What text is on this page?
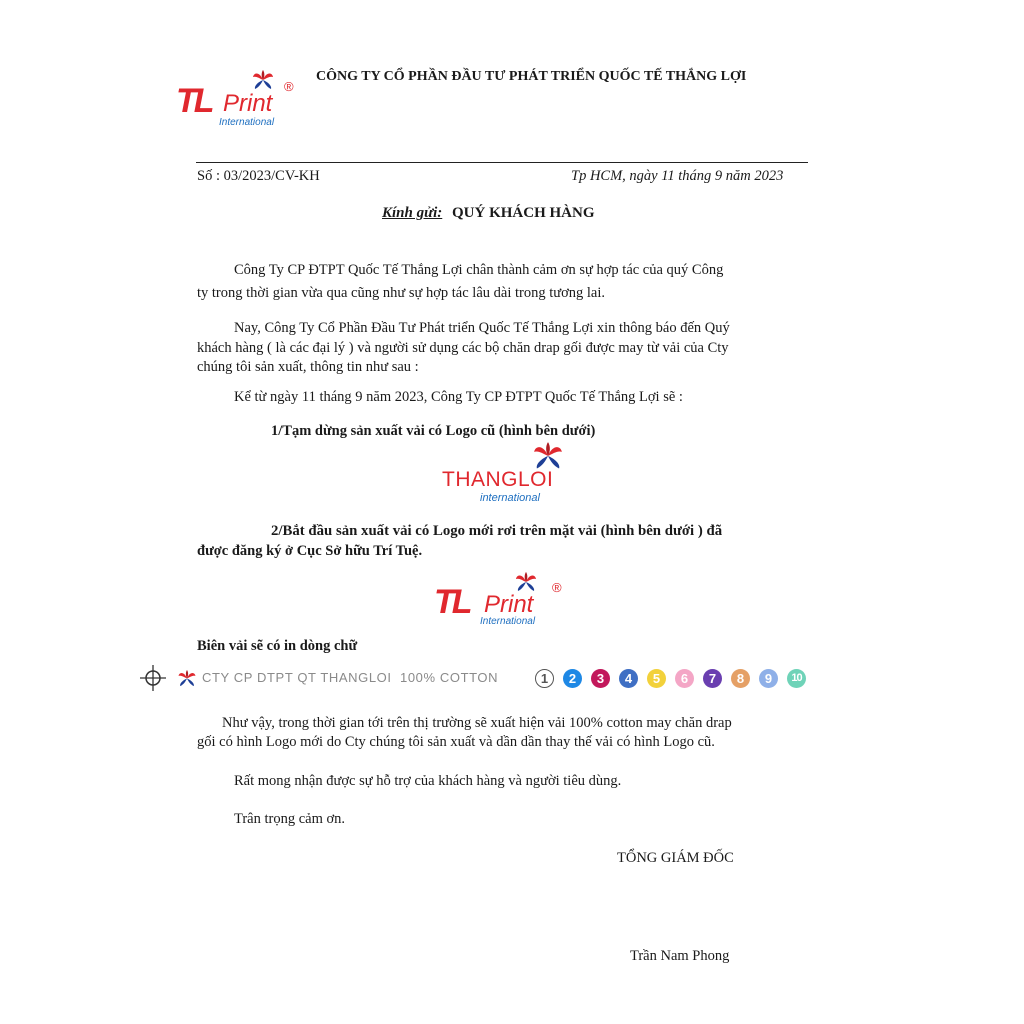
®
TL Print
International
CÔNG TY CỔ PHẦN ĐẦU TƯ PHÁT TRIỂN QUỐC TẾ THẮNG LỢI
Số : 03/2023/CV-KH	Tp HCM, ngày 11 tháng 9 năm 2023
Kính gửi: QUÝ KHÁCH HÀNG
Công Ty CP ĐTPT Quốc Tế Thắng Lợi chân thành cảm ơn sự hợp tác của quý Công
ty trong thời gian vừa qua cũng như sự hợp tác lâu dài trong tương lai.
Nay, Công Ty Cổ Phần Đầu Tư Phát triển Quốc Tế Thắng Lợi xin thông báo đến Quý
khách hàng ( là các đại lý ) và người sử dụng các bộ chăn drap gối được may từ vải của Cty
chúng tôi sản xuất, thông tin như sau :
Kể từ ngày 11 tháng 9 năm 2023, Công Ty CP ĐTPT Quốc Tế Thắng Lợi sẽ :
1/Tạm dừng sản xuất vải có Logo cũ (hình bên dưới)
THANGLOI
international
2/Bắt đầu sản xuất vải có Logo mới rơi trên mặt vải (hình bên dưới ) đã
được đăng ký ở Cục Sở hữu Trí Tuệ.
®
TL Print
International
Biên vải sẽ có in dòng chữ
CTY CP DTPT QT THANGLOI  100% COTTON	1	2	3	4	5	6	7	8	9	10
Như vậy, trong thời gian tới trên thị trường sẽ xuất hiện vải 100% cotton may chăn drap
gối có hình Logo mới do Cty chúng tôi sản xuất và dần dần thay thế vải có hình Logo cũ.
Rất mong nhận được sự hỗ trợ của khách hàng và người tiêu dùng.
Trân trọng cảm ơn.
TỔNG GIÁM ĐỐC
Trần Nam Phong
